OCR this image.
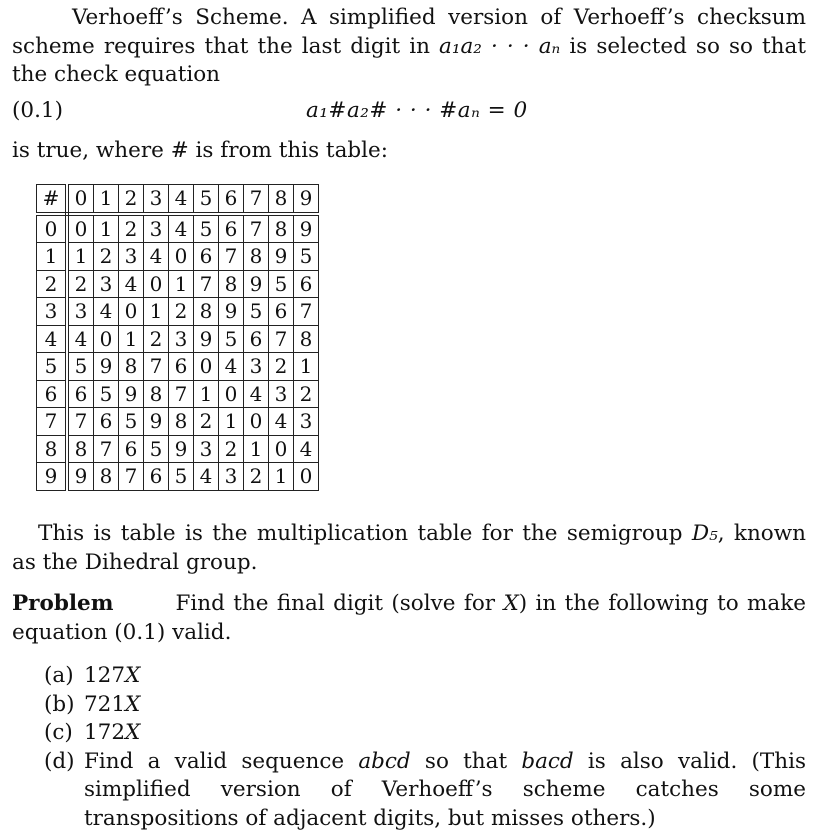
Verhoeff’s Scheme. A simplified version of Verhoeff’s checksum scheme requires that the last digit in a₁a₂ · · · aₙ is selected so so that the check equation
(0.1)	a₁#a₂# · · · #aₙ = 0
is true, where # is from this table:
#	0	1	2	3	4	5	6	7	8	9
0	0	1	2	3	4	5	6	7	8	9
1	1	2	3	4	0	6	7	8	9	5
2	2	3	4	0	1	7	8	9	5	6
3	3	4	0	1	2	8	9	5	6	7
4	4	0	1	2	3	9	5	6	7	8
5	5	9	8	7	6	0	4	3	2	1
6	6	5	9	8	7	1	0	4	3	2
7	7	6	5	9	8	2	1	0	4	3
8	8	7	6	5	9	3	2	1	0	4
9	9	8	7	6	5	4	3	2	1	0
This is table is the multiplication table for the semigroup D₅, known as the Dihedral group.
Problem	Find the final digit (solve for X) in the following to make equation (0.1) valid.
(a) 127X
(b) 721X
(c) 172X
(d) Find a valid sequence abcd so that bacd is also valid. (This simplified version of Verhoeff’s scheme catches some transpositions of adjacent digits, but misses others.)
